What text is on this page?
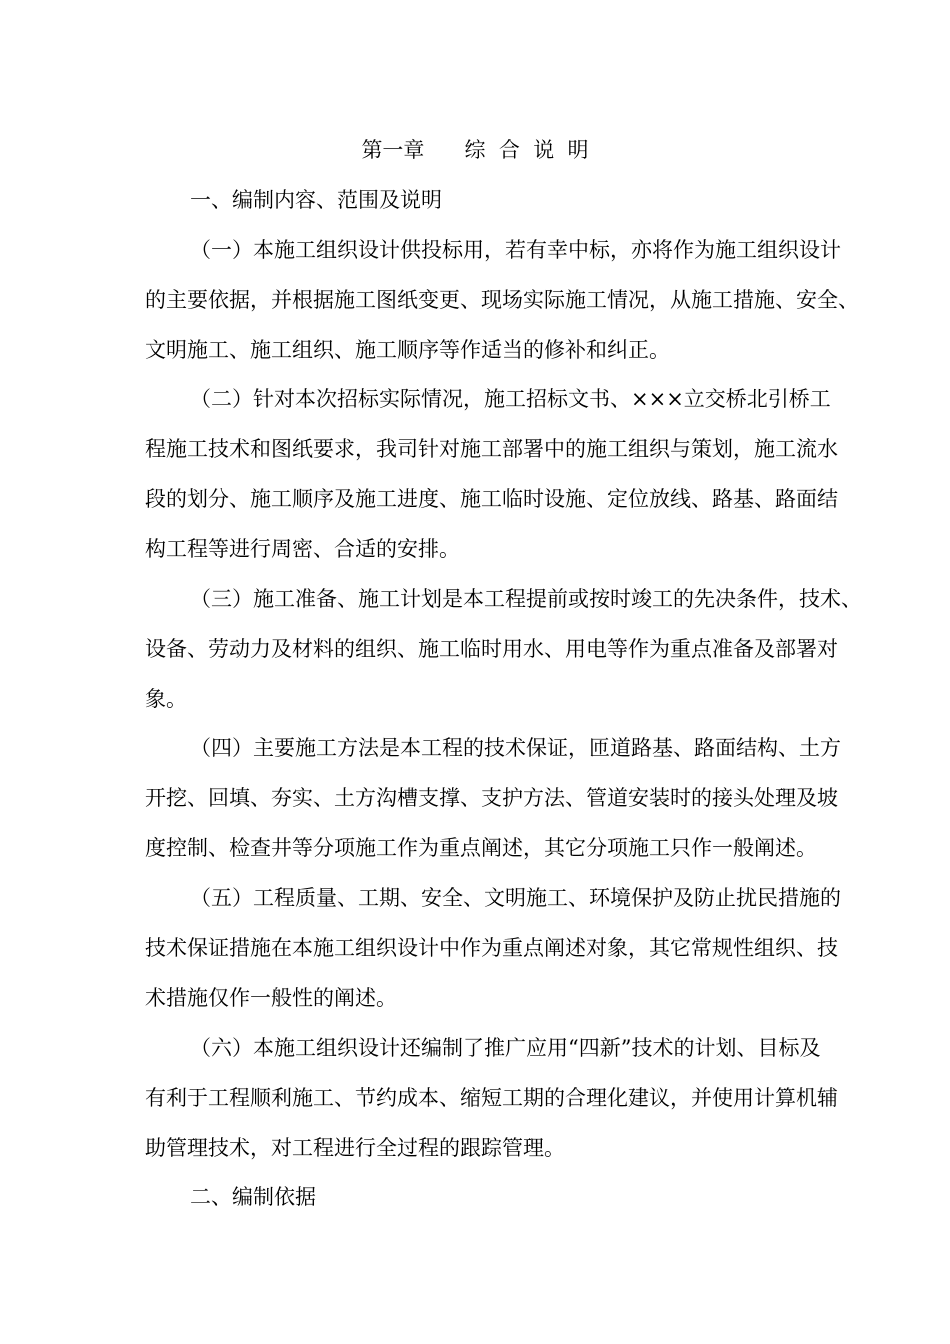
第一章      综  合  说  明
一、编制内容、范围及说明
（一）本施工组织设计供投标用，若有幸中标，亦将作为施工组织设计
的主要依据，并根据施工图纸变更、现场实际施工情况，从施工措施、安全、
文明施工、施工组织、施工顺序等作适当的修补和纠正。
（二）针对本次招标实际情况，施工招标文书、×××立交桥北引桥工
程施工技术和图纸要求，我司针对施工部署中的施工组织与策划，施工流水
段的划分、施工顺序及施工进度、施工临时设施、定位放线、路基、路面结
构工程等进行周密、合适的安排。
（三）施工准备、施工计划是本工程提前或按时竣工的先决条件，技术、
设备、劳动力及材料的组织、施工临时用水、用电等作为重点准备及部署对
象。
（四）主要施工方法是本工程的技术保证，匝道路基、路面结构、土方
开挖、回填、夯实、土方沟槽支撑、支护方法、管道安装时的接头处理及坡
度控制、检查井等分项施工作为重点阐述，其它分项施工只作一般阐述。
（五）工程质量、工期、安全、文明施工、环境保护及防止扰民措施的
技术保证措施在本施工组织设计中作为重点阐述对象，其它常规性组织、技
术措施仅作一般性的阐述。
（六）本施工组织设计还编制了推广应用“四新”技术的计划、目标及
有利于工程顺利施工、节约成本、缩短工期的合理化建议，并使用计算机辅
助管理技术，对工程进行全过程的跟踪管理。
二、编制依据
